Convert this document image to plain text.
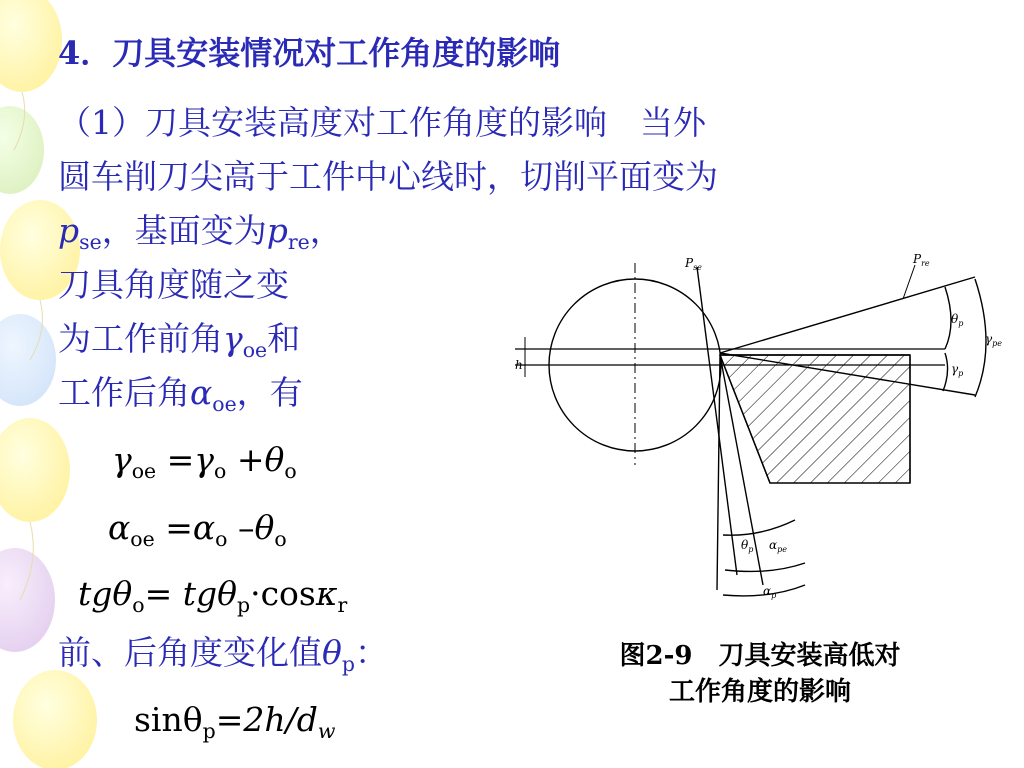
4．刀具安装情况对工作角度的影响
（1）刀具安装高度对工作角度的影响　当外
圆车削刀尖高于工件中心线时，切削平面变为
$p_{se}$，基面变为$p_{re}$，
刀具角度随之变
为工作前角$\gamma_{oe}$和
工作后角$\alpha_{oe}$，有
$\gamma_{oe} =\gamma_o +\theta_o$
$\alpha_{oe} =\alpha_o$ $-\theta_o$
tgθ$_o$= tgθ$_p$·cosκ$_r$
前、后角度变化值$\theta_p$：
$\sin\theta_p=2h/d_w$
$P_{se}$
$P_{re}$
$\theta_p$
$\gamma_{pe}$
$\gamma_p$
h
$\theta_p$ $\alpha_{pe}$
$\alpha_p$
图2-9　刀具安装高低对
工作角度的影响
